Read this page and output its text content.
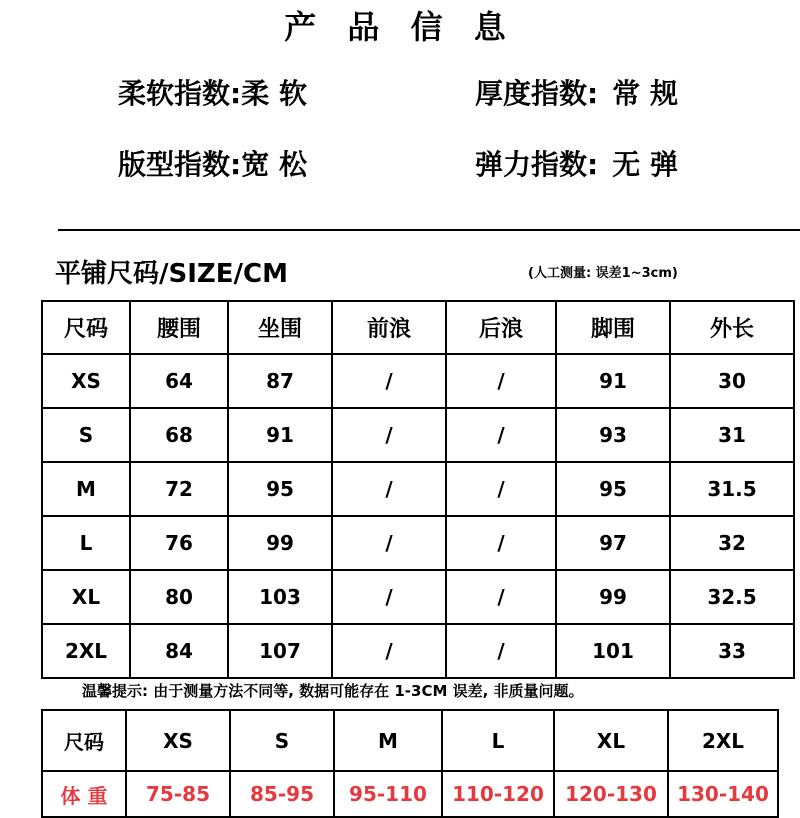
产 品 信 息
柔软指数:柔 软	厚度指数: 常 规
版型指数:宽 松	弹力指数: 无 弹
平铺尺码/SIZE/CM	(人工测量: 误差1~3cm)
尺码	腰围	坐围	前浪	后浪	脚围	外长
XS	64	87	/	/	91	30
S	68	91	/	/	93	31
M	72	95	/	/	95	31.5
L	76	99	/	/	97	32
XL	80	103	/	/	99	32.5
2XL	84	107	/	/	101	33
温馨提示: 由于测量方法不同等, 数据可能存在 1-3CM 误差, 非质量问题。
尺码	XS	S	M	L	XL	2XL
体 重	75-85	85-95	95-110	110-120	120-130	130-140
